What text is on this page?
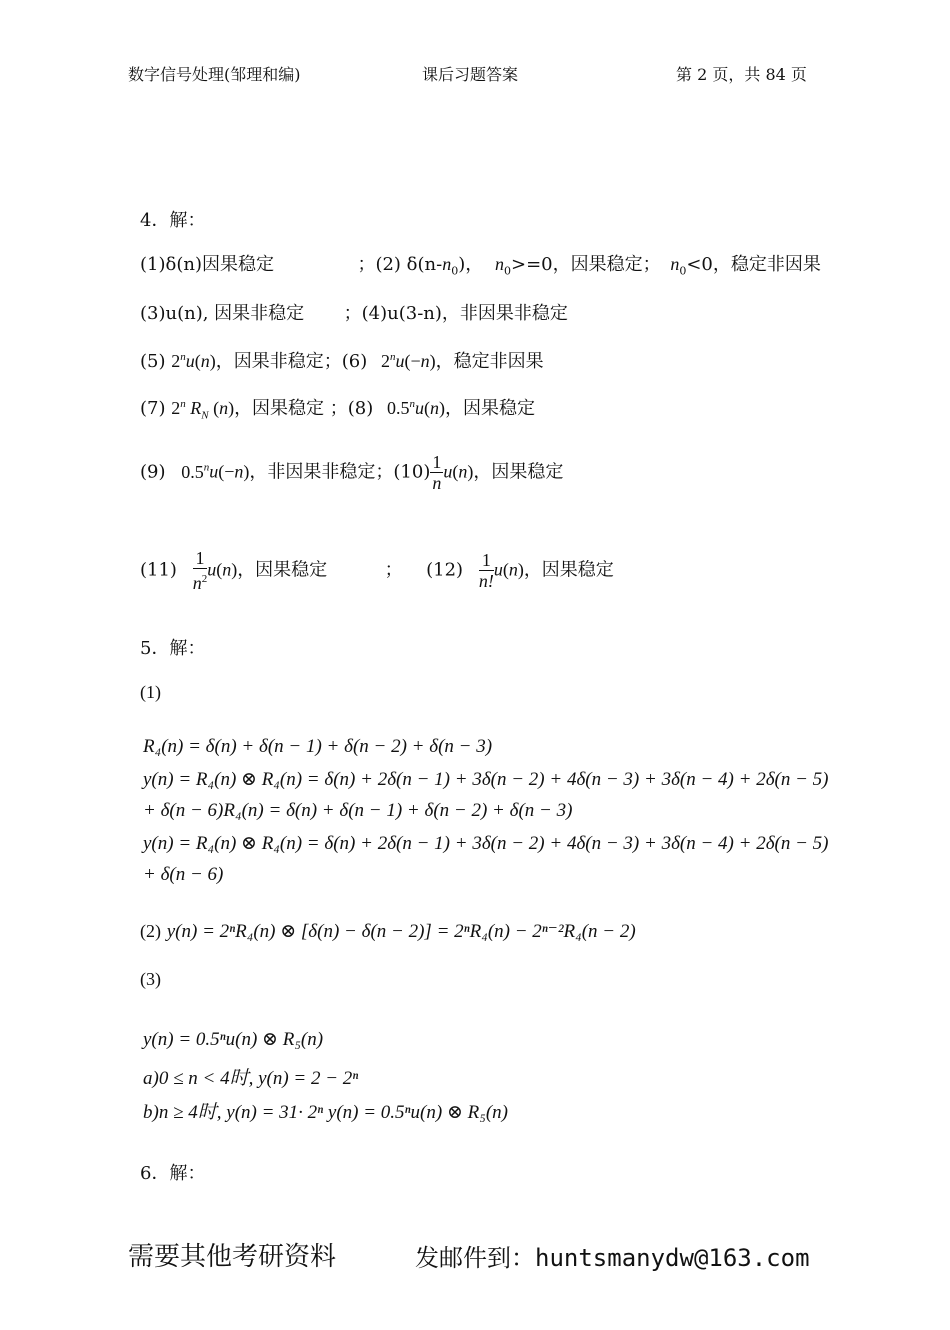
数字信号处理(邹理和编)	课后习题答案	第 2 页，共 84 页
4．解：
(1)δ(n)因果稳定	；(2) $\delta(n-n_0)$， $n_0>=0$，因果稳定； $n_0<0$，稳定非因果
(3)u(n), 因果非稳定 ；(4)u(3-n)，非因果非稳定
(5) 2$^n$u(n)，因果非稳定；(6) $2^nu(-n)$，稳定非因果
(7) 2$^n$ $R_N$ (n)，因果稳定 ；(8) 0.5$^n$u(n)，因果稳定
(9) $0.5^nu(-n)$，非因果非稳定；$(10) \frac{1}{n} u(n)$，因果稳定
$(11) \frac{1}{n^2} u(n)$，因果稳定	； $(12) \frac{1}{n!} u(n)$，因果稳定
5．解：
(1)
R₄(n) = δ(n) + δ(n − 1) + δ(n − 2) + δ(n − 3)
y(n) = R₄(n) ⊗ R₄(n) = δ(n) + 2δ(n − 1) + 3δ(n − 2) + 4δ(n − 3) + 3δ(n − 4) + 2δ(n − 5)
+ δ(n − 6)R₄(n) = δ(n) + δ(n − 1) + δ(n − 2) + δ(n − 3)
y(n) = R₄(n) ⊗ R₄(n) = δ(n) + 2δ(n − 1) + 3δ(n − 2) + 4δ(n − 3) + 3δ(n − 4) + 2δ(n − 5)
+ δ(n − 6)
(2) y(n) = 2ⁿR₄(n) ⊗ [δ(n) − δ(n − 2)] = 2ⁿR₄(n) − 2ⁿ⁻²R₄(n − 2)
(3)
y(n) = 0.5ⁿu(n) ⊗ R₅(n)
a)0 ≤ n < 4时, y(n) = 2 − 2ⁿ
b)n ≥ 4时, y(n) = 31· 2ⁿ y(n) = 0.5ⁿu(n) ⊗ R₅(n)
6．解：
需要其他考研资料	发邮件到：huntsmanydw@163.com
